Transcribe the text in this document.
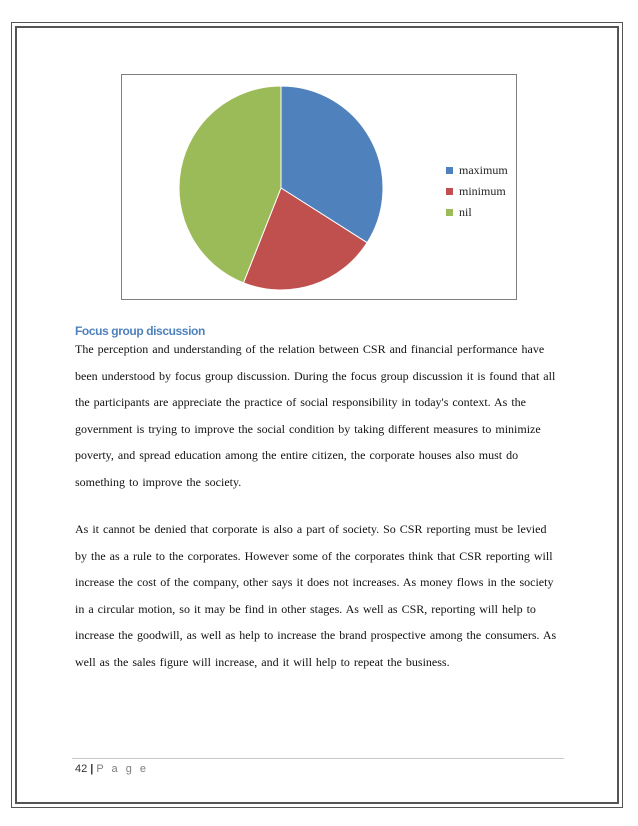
maximum
minimum
nil
Focus group discussion

The perception and understanding of the relation between CSR and financial performance have

been understood by focus group discussion. During the focus group discussion it is found that all

the participants are appreciate the practice of social responsibility in today's context. As the

government is trying to improve the social condition by taking different measures to minimize

poverty, and spread education among the entire citizen, the corporate houses also must do

something to improve the society.

As it cannot be denied that corporate is also a part of society. So CSR reporting must be levied

by the as a rule to the corporates. However some of the corporates think that CSR reporting will

increase the cost of the company, other says it does not increases. As money flows in the society

in a circular motion, so it may be find in other stages. As well as CSR, reporting will help to

increase the goodwill, as well as help to increase the brand prospective among the consumers. As

well as the sales figure will increase, and it will help to repeat the business.

42 | P a g e
